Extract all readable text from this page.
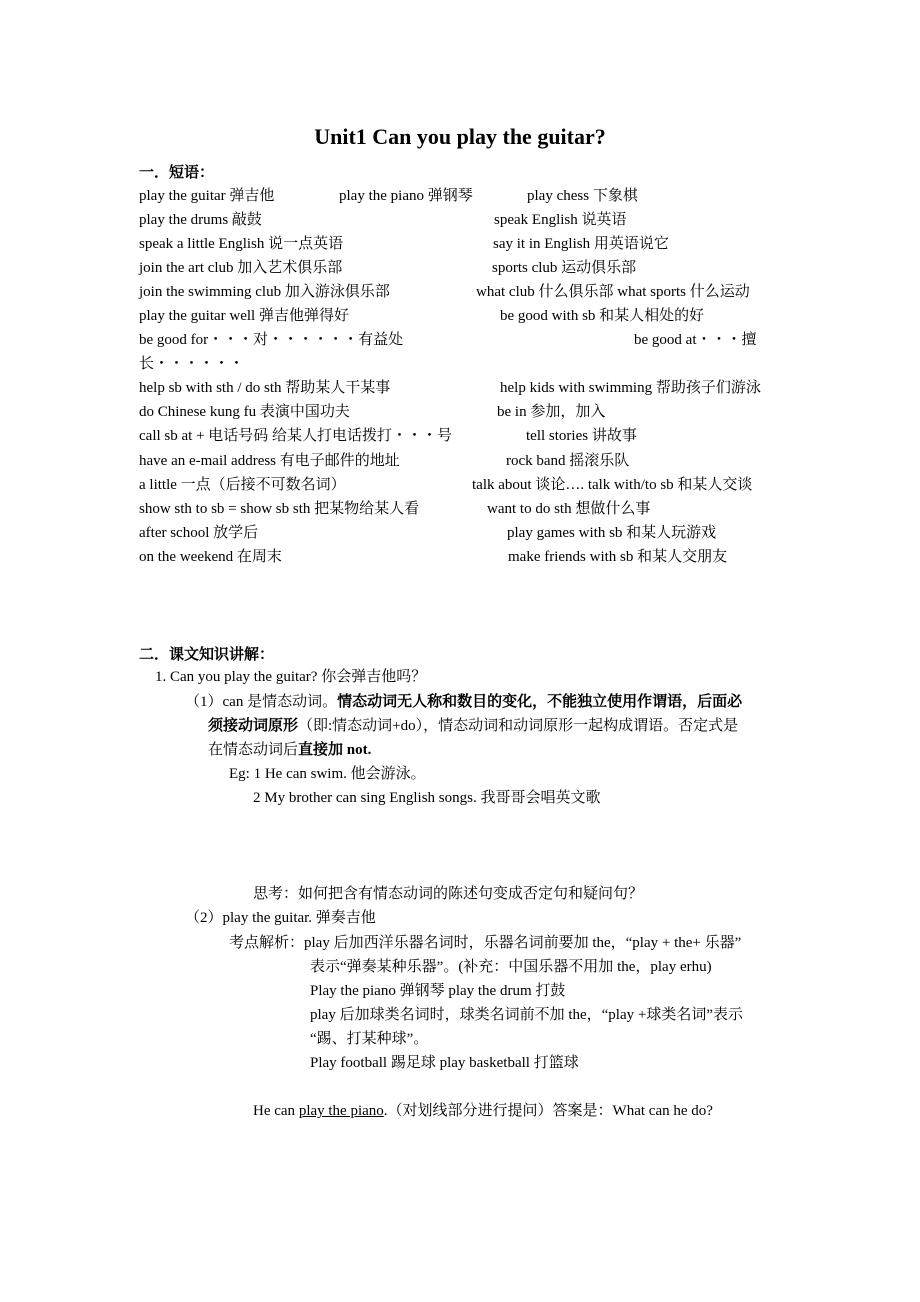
Unit1 Can you play the guitar?
一．短语：
play the guitar 弹吉他	play the piano 弹钢琴	play chess 下象棋
play the drums 敲鼓	speak English 说英语
speak a little English 说一点英语	say it in English 用英语说它
join the art club 加入艺术俱乐部	sports club 运动俱乐部
join the swimming club 加入游泳俱乐部	what club 什么俱乐部 what sports 什么运动
play the guitar well 弹吉他弹得好	be good with sb 和某人相处的好
be good for・・・对・・・・・・有益处	be good at・・・擅
长・・・・・・
help sb with sth / do sth 帮助某人干某事	help kids with swimming 帮助孩子们游泳
do Chinese kung fu 表演中国功夫	be in 参加，加入
call sb at + 电话号码 给某人打电话拨打・・・号	tell stories 讲故事
have an e-mail address 有电子邮件的地址	rock band 摇滚乐队
a little 一点（后接不可数名词）	talk about 谈论…. talk with/to sb 和某人交谈
show sth to sb = show sb sth 把某物给某人看	want to do sth 想做什么事
after school 放学后	play games with sb 和某人玩游戏
on the weekend 在周末	make friends with sb 和某人交朋友
二．课文知识讲解：
1. Can you play the guitar? 你会弹吉他吗？
（1）can 是情态动词。情态动词无人称和数目的变化，不能独立使用作谓语，后面必
须接动词原形（即:情态动词+do），情态动词和动词原形一起构成谓语。否定式是
在情态动词后直接加 not.
Eg: 1 He can swim. 他会游泳。
2 My brother can sing English songs. 我哥哥会唱英文歌
思考：如何把含有情态动词的陈述句变成否定句和疑问句？
（2）play the guitar. 弹奏吉他
考点解析：play 后加西洋乐器名词时，乐器名词前要加 the，“play + the+ 乐器”
表示“弹奏某种乐器”。(补充：中国乐器不用加 the，play erhu)
Play the piano 弹钢琴 play the drum 打鼓
play 后加球类名词时，球类名词前不加 the，“play +球类名词”表示
“踢、打某种球”。
Play football 踢足球 play basketball 打篮球
He can play the piano.（对划线部分进行提问）答案是：What can he do?
